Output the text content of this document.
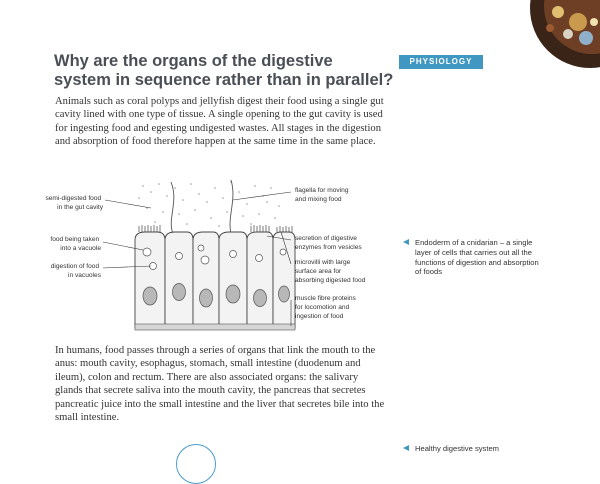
Why are the organs of the digestive system in sequence rather than in parallel?
PHYSIOLOGY

Animals such as coral polyps and jellyfish digest their food using a single gut cavity lined with one type of tissue. A single opening to the gut cavity is used for ingesting food and egesting undigested wastes. All stages in the digestion and absorption of food therefore happen at the same time in the same place.

semi-digested food in the gut cavity
food being taken into a vacuole
digestion of food in vacuoles
flagella for moving and mixing food
secretion of digestive enzymes from vesicles
microvilli with large surface area for absorbing digested food
muscle fibre proteins for locomotion and ingestion of food
Endoderm of a cnidarian – a single layer of cells that carries out all the functions of digestion and absorption of foods

In humans, food passes through a series of organs that link the mouth to the anus: mouth cavity, esophagus, stomach, small intestine (duodenum and ileum), colon and rectum. There are also associated organs: the salivary glands that secrete saliva into the mouth cavity, the pancreas that secretes pancreatic juice into the small intestine and the liver that secretes bile into the small intestine.

Healthy digestive system
